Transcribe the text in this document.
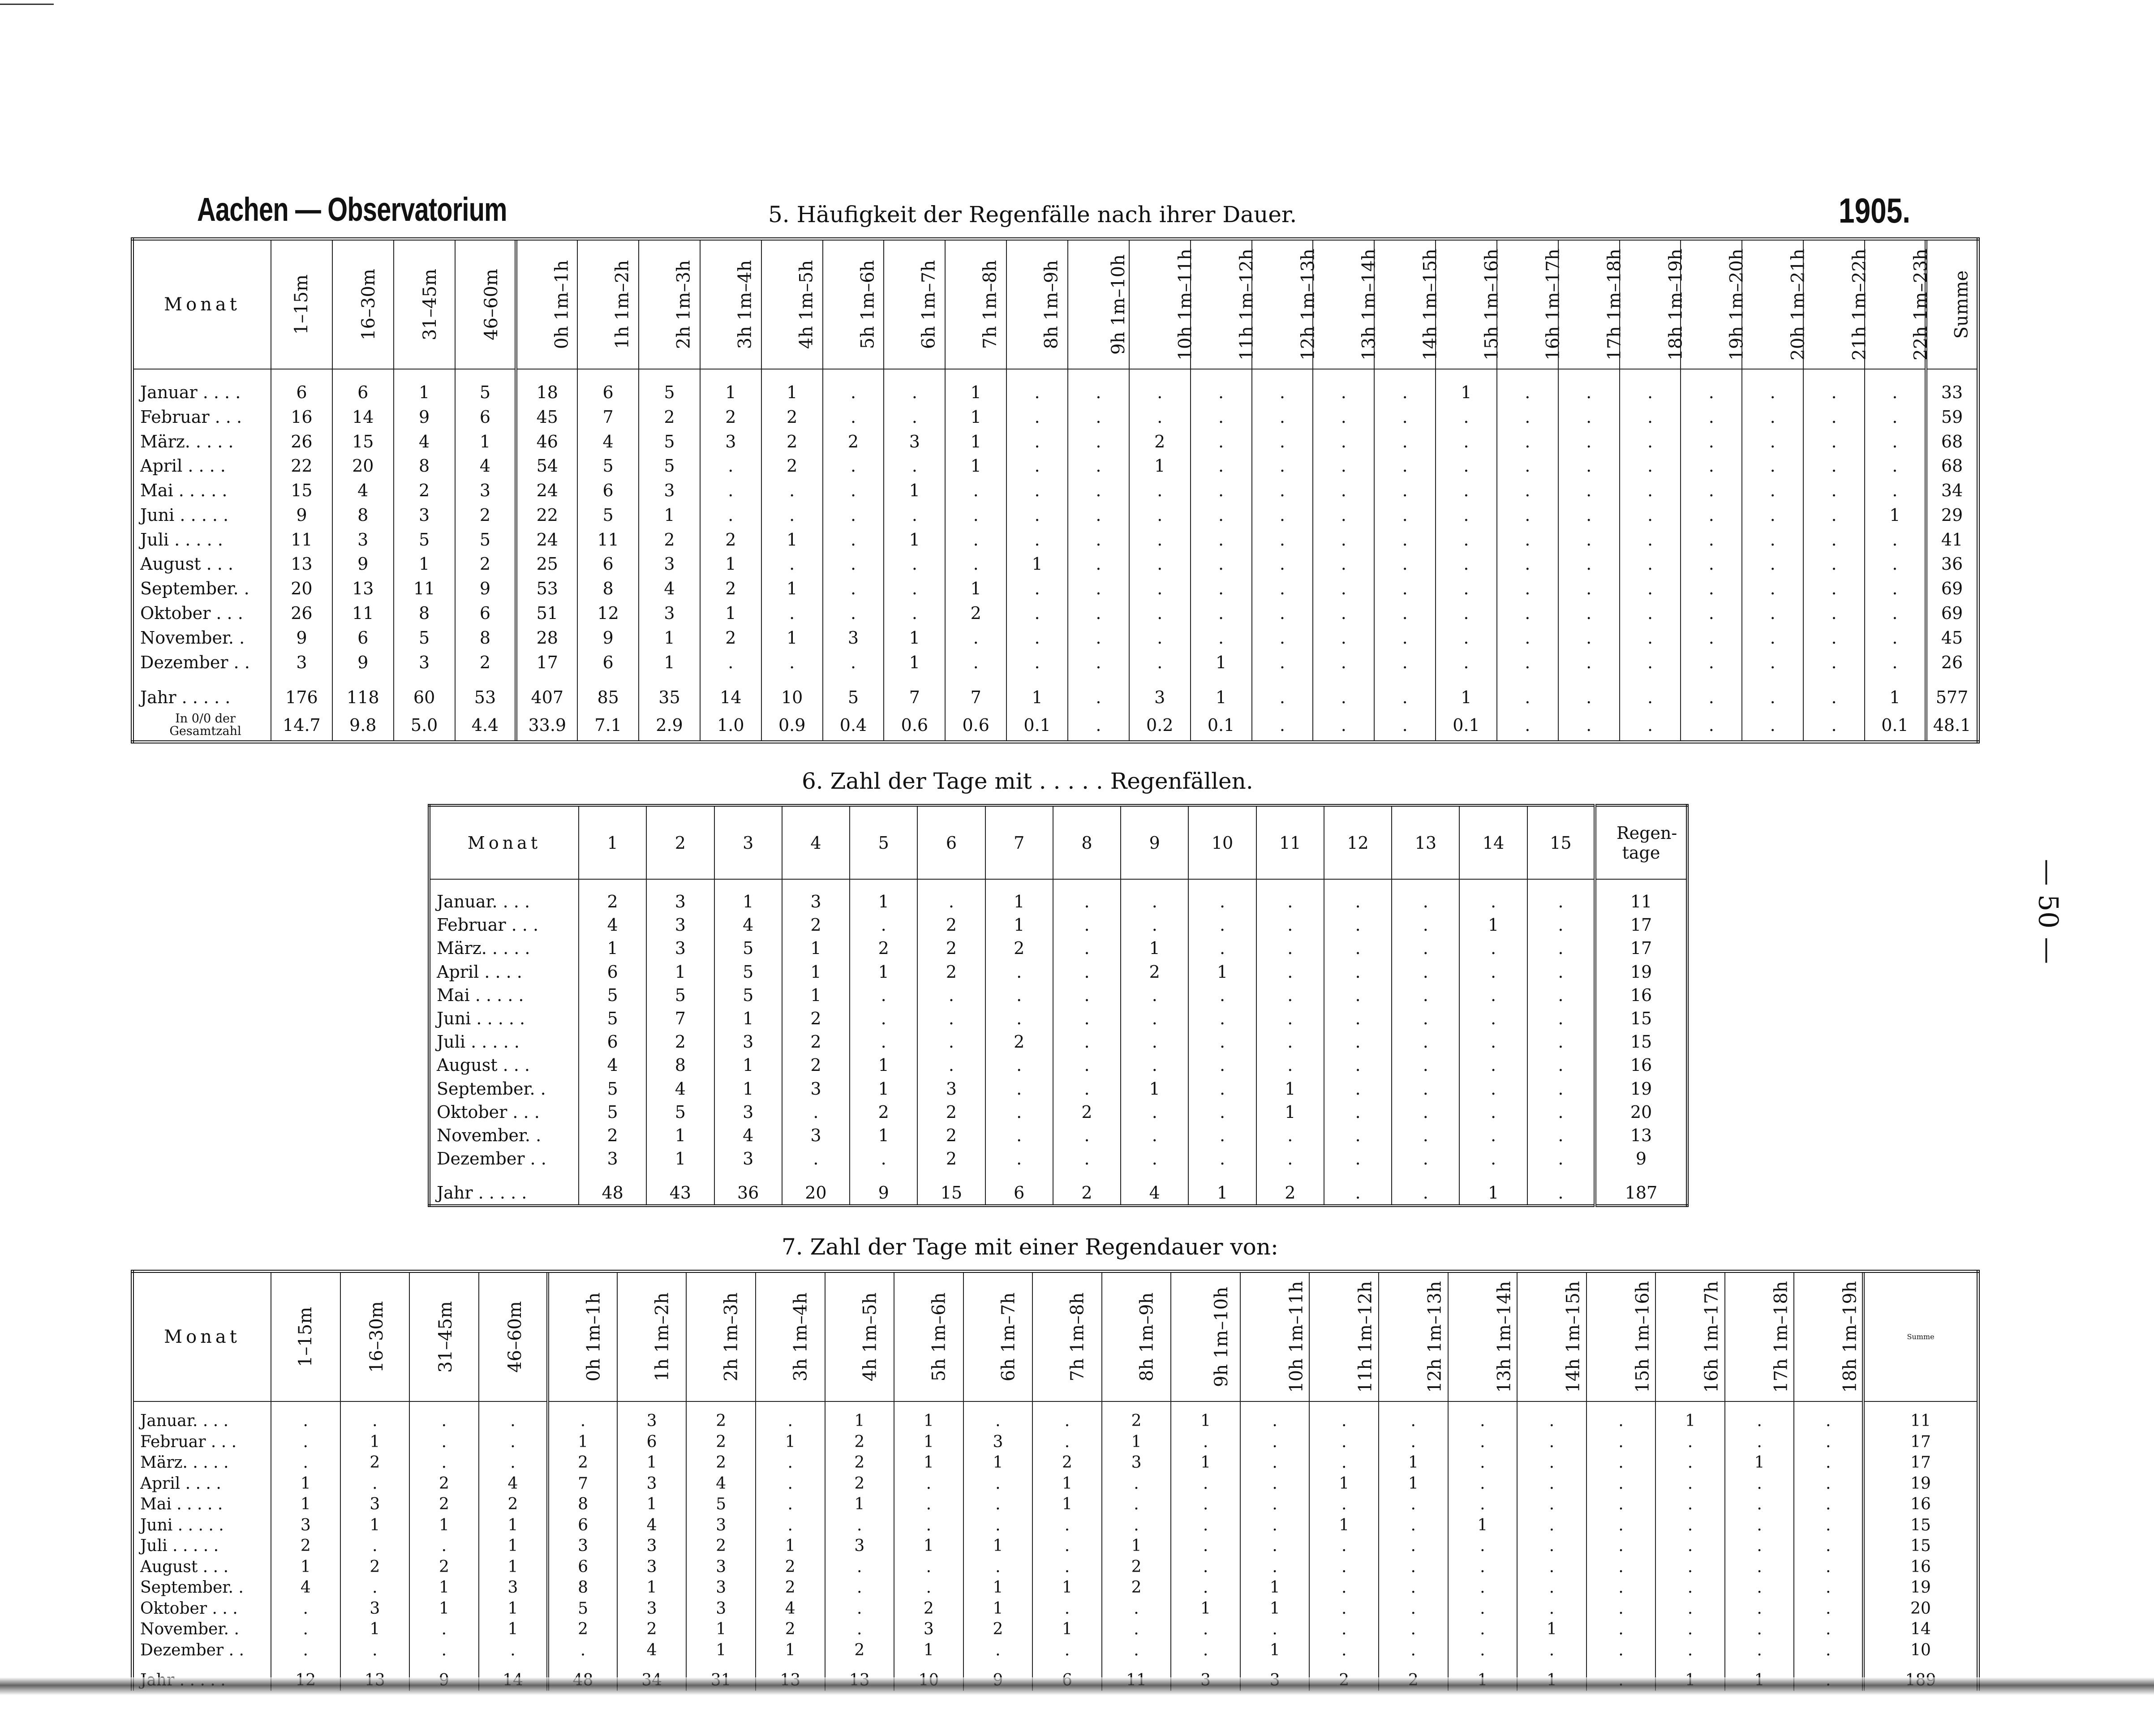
Aachen — Observatorium	5. Häufigkeit der Regenfälle nach ihrer Dauer.	1905.
— 50 —
Monat	1–15m	16–30m	31–45m	46–60m	0h 1m–1h	1h 1m–2h	2h 1m–3h	3h 1m–4h	4h 1m–5h	5h 1m–6h	6h 1m–7h	7h 1m–8h	8h 1m–9h	9h 1m–10h	10h 1m–11h	11h 1m–12h	12h 1m–13h	13h 1m–14h	14h 1m–15h	15h 1m–16h	16h 1m–17h	17h 1m–18h	18h 1m–19h	19h 1m–20h	20h 1m–21h	21h 1m–22h	22h 1m–23h	Summe

Januar . . . .	6	6	1	5	18	6	5	1	1	.	.	1	.	.	.	.	.	.	.	1	.	.	.	.	.	.	.	33
Februar . . .	16	14	9	6	45	7	2	2	2	.	.	1	.	.	.	.	.	.	.	.	.	.	.	.	.	.	.	59
März. . . . .	26	15	4	1	46	4	5	3	2	2	3	1	.	.	2	.	.	.	.	.	.	.	.	.	.	.	.	68
April . . . .	22	20	8	4	54	5	5	.	2	.	.	1	.	.	1	.	.	.	.	.	.	.	.	.	.	.	.	68
Mai . . . . .	15	4	2	3	24	6	3	.	.	.	1	.	.	.	.	.	.	.	.	.	.	.	.	.	.	.	.	34
Juni . . . . .	9	8	3	2	22	5	1	.	.	.	.	.	.	.	.	.	.	.	.	.	.	.	.	.	.	.	1	29
Juli . . . . .	11	3	5	5	24	11	2	2	1	.	1	.	.	.	.	.	.	.	.	.	.	.	.	.	.	.	.	41
August . . .	13	9	1	2	25	6	3	1	.	.	.	.	1	.	.	.	.	.	.	.	.	.	.	.	.	.	.	36
September. .	20	13	11	9	53	8	4	2	1	.	.	1	.	.	.	.	.	.	.	.	.	.	.	.	.	.	.	69
Oktober . . .	26	11	8	6	51	12	3	1	.	.	.	2	.	.	.	.	.	.	.	.	.	.	.	.	.	.	.	69
November. .	9	6	5	8	28	9	1	2	1	3	1	.	.	.	.	.	.	.	.	.	.	.	.	.	.	.	.	45
Dezember . .	3	9	3	2	17	6	1	.	.	.	1	.	.	.	.	1	.	.	.	.	.	.	.	.	.	.	.	26

Jahr . . . . .	176	118	60	53	407	85	35	14	10	5	7	7	1	.	3	1	.	.	.	1	.	.	.	.	.	.	1	577
In 0/0 der Gesamtzahl	14.7	9.8	5.0	4.4	33.9	7.1	2.9	1.0	0.9	0.4	0.6	0.6	0.1	.	0.2	0.1	.	.	.	0.1	.	.	.	.	.	.	0.1	48.1
6. Zahl der Tage mit . . . . . Regenfällen.
Monat	1	2	3	4	5	6	7	8	9	10	11	12	13	14	15	Regen-tage

Januar. . . .	2	3	1	3	1	.	1	.	.	.	.	.	.	.	.	11
Februar . . .	4	3	4	2	.	2	1	.	.	.	.	.	.	1	.	17
März. . . . .	1	3	5	1	2	2	2	.	1	.	.	.	.	.	.	17
April . . . .	6	1	5	1	1	2	.	.	2	1	.	.	.	.	.	19
Mai . . . . .	5	5	5	1	.	.	.	.	.	.	.	.	.	.	.	16
Juni . . . . .	5	7	1	2	.	.	.	.	.	.	.	.	.	.	.	15
Juli . . . . .	6	2	3	2	.	.	2	.	.	.	.	.	.	.	.	15
August . . .	4	8	1	2	1	.	.	.	.	.	.	.	.	.	.	16
September. .	5	4	1	3	1	3	.	.	1	.	1	.	.	.	.	19
Oktober . . .	5	5	3	.	2	2	.	2	.	.	1	.	.	.	.	20
November. .	2	1	4	3	1	2	.	.	.	.	.	.	.	.	.	13
Dezember . .	3	1	3	.	.	2	.	.	.	.	.	.	.	.	.	9

Jahr . . . . .	48	43	36	20	9	15	6	2	4	1	2	.	.	1	.	187
7. Zahl der Tage mit einer Regendauer von:
Monat	1–15m	16–30m	31–45m	46–60m	0h 1m–1h	1h 1m–2h	2h 1m–3h	3h 1m–4h	4h 1m–5h	5h 1m–6h	6h 1m–7h	7h 1m–8h	8h 1m–9h	9h 1m–10h	10h 1m–11h	11h 1m–12h	12h 1m–13h	13h 1m–14h	14h 1m–15h	15h 1m–16h	16h 1m–17h	17h 1m–18h	18h 1m–19h	Summe

Januar. . . .	.	.	.	.	.	3	2	.	1	1	.	.	2	1	.	.	.	.	.	.	1	.	.	11
Februar . . .	.	1	.	.	1	6	2	1	2	1	3	.	1	.	.	.	.	.	.	.	.	.	.	17
März. . . . .	.	2	.	.	2	1	2	.	2	1	1	2	3	1	.	.	1	.	.	.	.	1	.	17
April . . . .	1	.	2	4	7	3	4	.	2	.	.	1	.	.	.	1	1	.	.	.	.	.	.	19
Mai . . . . .	1	3	2	2	8	1	5	.	1	.	.	1	.	.	.	.	.	.	.	.	.	.	.	16
Juni . . . . .	3	1	1	1	6	4	3	.	.	.	.	.	.	.	.	1	.	1	.	.	.	.	.	15
Juli . . . . .	2	.	.	1	3	3	2	1	3	1	1	.	1	.	.	.	.	.	.	.	.	.	.	15
August . . .	1	2	2	1	6	3	3	2	.	.	.	.	2	.	.	.	.	.	.	.	.	.	.	16
September. .	4	.	1	3	8	1	3	2	.	.	1	1	2	.	1	.	.	.	.	.	.	.	.	19
Oktober . . .	.	3	1	1	5	3	3	4	.	2	1	.	.	1	1	.	.	.	.	.	.	.	.	20
November. .	.	1	.	1	2	2	1	2	.	3	2	1	.	.	.	.	.	.	1	.	.	.	.	14
Dezember . .	.	.	.	.	.	4	1	1	2	1	.	.	.	.	1	.	.	.	.	.	.	.	.	10
